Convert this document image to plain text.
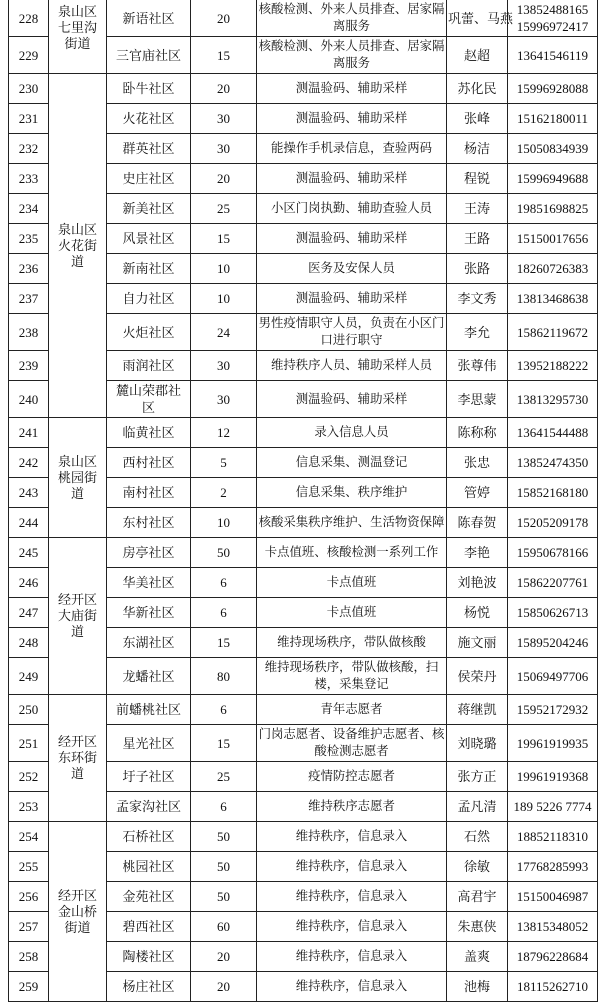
228	泉山区七里沟街道	新语社区	20	核酸检测、外来人员排查、居家隔离服务	巩蕾、马燕	13852488165 15996972417
229		三官庙社区	15	核酸检测、外来人员排查、居家隔离服务	赵超	13641546119
230	泉山区火花街道	卧牛社区	20	测温验码、辅助采样	苏化民	15996928088
231		火花社区	30	测温验码、辅助采样	张峰	15162180011
232		群英社区	30	能操作手机录信息，查验两码	杨洁	15050834939
233		史庄社区	20	测温验码、辅助采样	程锐	15996949688
234		新美社区	25	小区门岗执勤、辅助查验人员	王涛	19851698825
235		风景社区	15	测温验码、辅助采样	王路	15150017656
236		新南社区	10	医务及安保人员	张路	18260726383
237		自力社区	10	测温验码、辅助采样	李文秀	13813468638
238		火炬社区	24	男性疫情职守人员，负责在小区门口进行职守	李允	15862119672
239		雨润社区	30	维持秩序人员、辅助采样人员	张尊伟	13952188222
240		麓山荣郡社区	30	测温验码、辅助采样	李思蒙	13813295730
241	泉山区桃园街道	临黄社区	12	录入信息人员	陈称称	13641544488
242		西村社区	5	信息采集、测温登记	张忠	13852474350
243		南村社区	2	信息采集、秩序维护	管婷	15852168180
244		东村社区	10	核酸采集秩序维护、生活物资保障	陈春贺	15205209178
245	经开区大庙街道	房亭社区	50	卡点值班、核酸检测一系列工作	李艳	15950678166
246		华美社区	6	卡点值班	刘艳波	15862207761
247		华新社区	6	卡点值班	杨悦	15850626713
248		东湖社区	15	维持现场秩序，带队做核酸	施文丽	15895204246
249		龙蟠社区	80	维持现场秩序，带队做核酸，扫楼，采集登记	侯荣丹	15069497706
250	经开区东环街道	前蟠桃社区	6	青年志愿者	蒋继凯	15952172932
251		星光社区	15	门岗志愿者、设备维护志愿者、核酸检测志愿者	刘晓璐	19961919935
252		圩子社区	25	疫情防控志愿者	张方正	19961919368
253		孟家沟社区	6	维持秩序志愿者	孟凡清	189 5226 7774
254	经开区金山桥街道	石桥社区	50	维持秩序，信息录入	石然	18852118310
255		桃园社区	50	维持秩序，信息录入	徐敏	17768285993
256		金苑社区	50	维持秩序，信息录入	高君宇	15150046987
257		碧西社区	60	维持秩序，信息录入	朱惠侠	13815348052
258		陶楼社区	20	维持秩序，信息录入	盖爽	18796228684
259		杨庄社区	20	维持秩序，信息录入	池梅	18115262710
